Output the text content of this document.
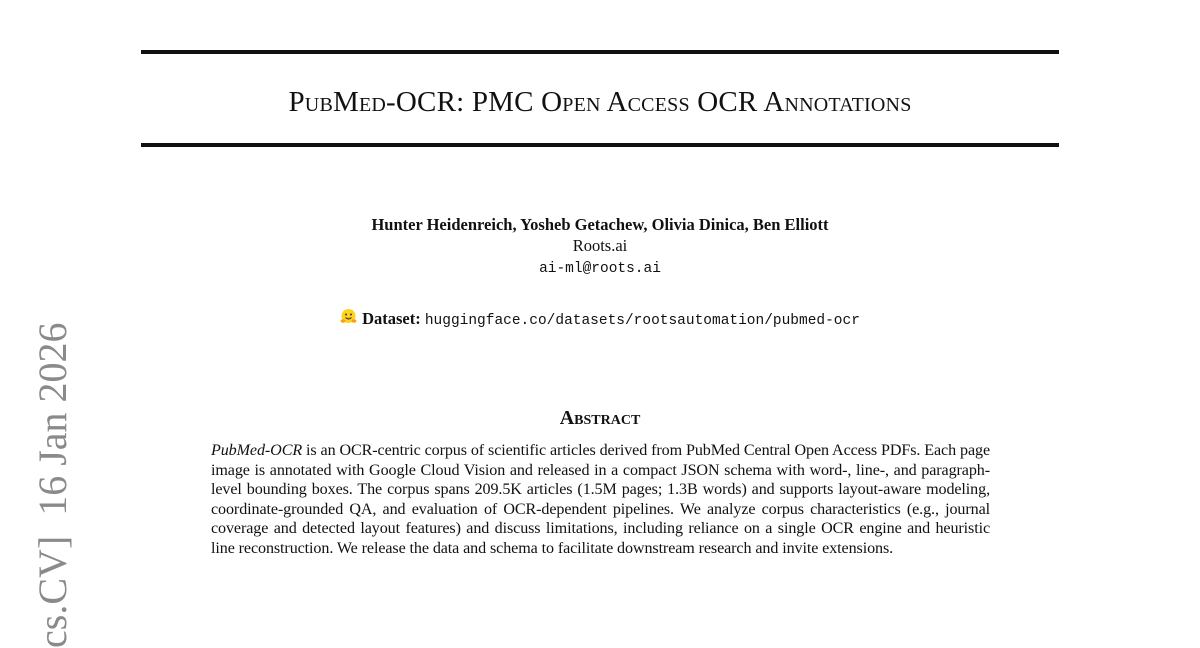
PubMed-OCR: PMC Open Access OCR Annotations
Hunter Heidenreich, Yosheb Getachew, Olivia Dinica, Ben Elliott
Roots.ai
ai-ml@roots.ai
Dataset: huggingface.co/datasets/rootsautomation/pubmed-ocr
Abstract
PubMed-OCR is an OCR-centric corpus of scientific articles derived from PubMed Central Open Access PDFs. Each page image is annotated with Google Cloud Vision and released in a compact JSON schema with word-, line-, and paragraph-level bounding boxes. The corpus spans 209.5K articles (1.5M pages; 1.3B words) and supports layout-aware modeling, coordinate-grounded QA, and evaluation of OCR-dependent pipelines. We analyze corpus characteristics (e.g., journal coverage and detected layout features) and discuss limitations, including reliance on a single OCR engine and heuristic line reconstruction. We release the data and schema to facilitate downstream research and invite extensions.
cs.CV]  16 Jan 2026
